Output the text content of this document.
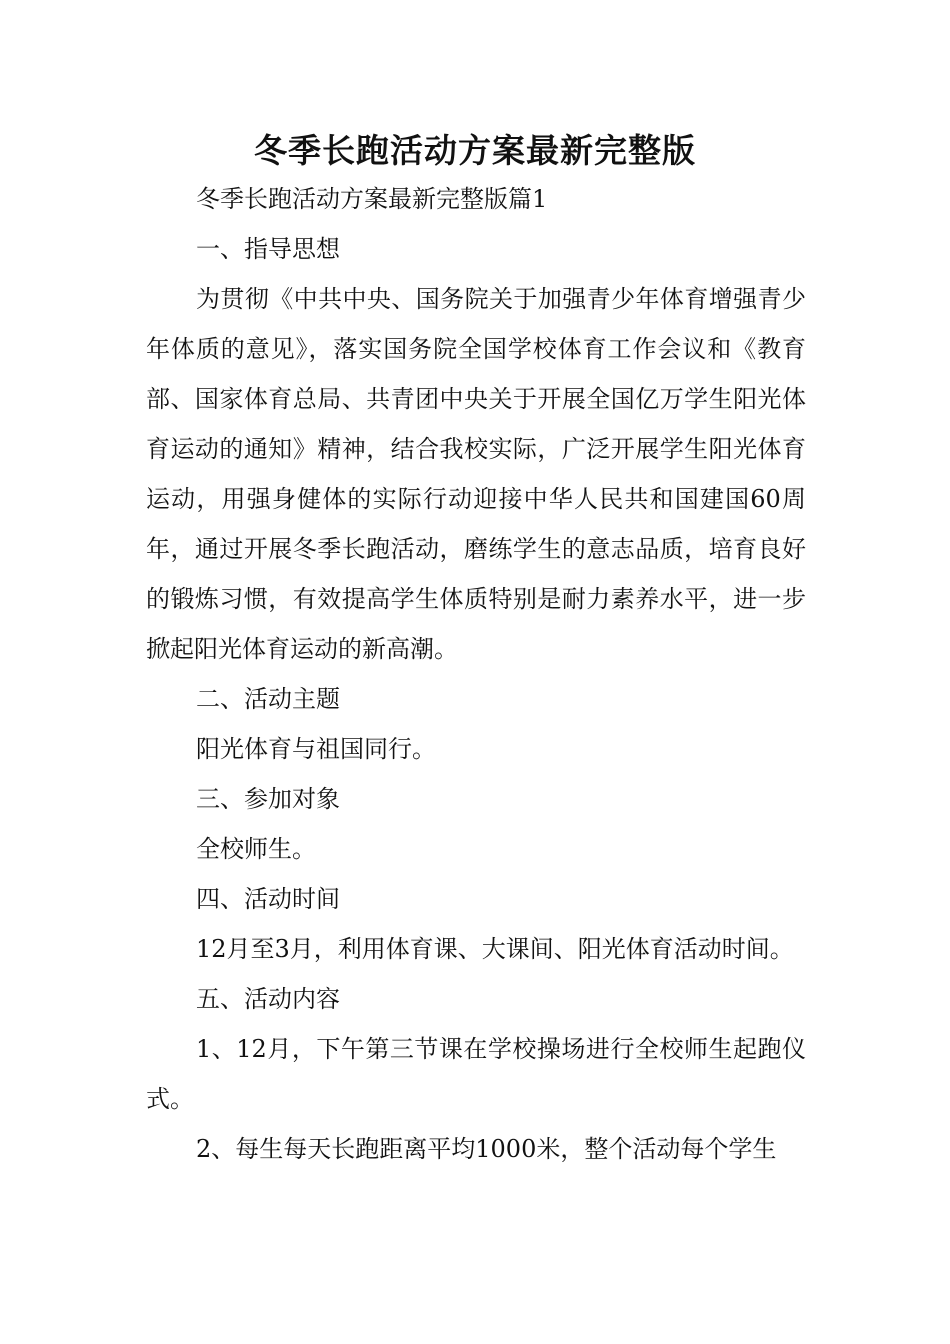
冬季长跑活动方案最新完整版

冬季长跑活动方案最新完整版篇1

一、指导思想

为贯彻《中共中央、国务院关于加强青少年体育增强青少年体质的意见》，落实国务院全国学校体育工作会议和《教育部、国家体育总局、共青团中央关于开展全国亿万学生阳光体育运动的通知》精神，结合我校实际，广泛开展学生阳光体育运动，用强身健体的实际行动迎接中华人民共和国建国60周年，通过开展冬季长跑活动，磨练学生的意志品质，培育良好的锻炼习惯，有效提高学生体质特别是耐力素养水平，进一步掀起阳光体育运动的新高潮。

二、活动主题

阳光体育与祖国同行。

三、参加对象

全校师生。

四、活动时间

12月至3月，利用体育课、大课间、阳光体育活动时间。

五、活动内容

1、12月，下午第三节课在学校操场进行全校师生起跑仪式。

2、每生每天长跑距离平均1000米，整个活动每个学生
